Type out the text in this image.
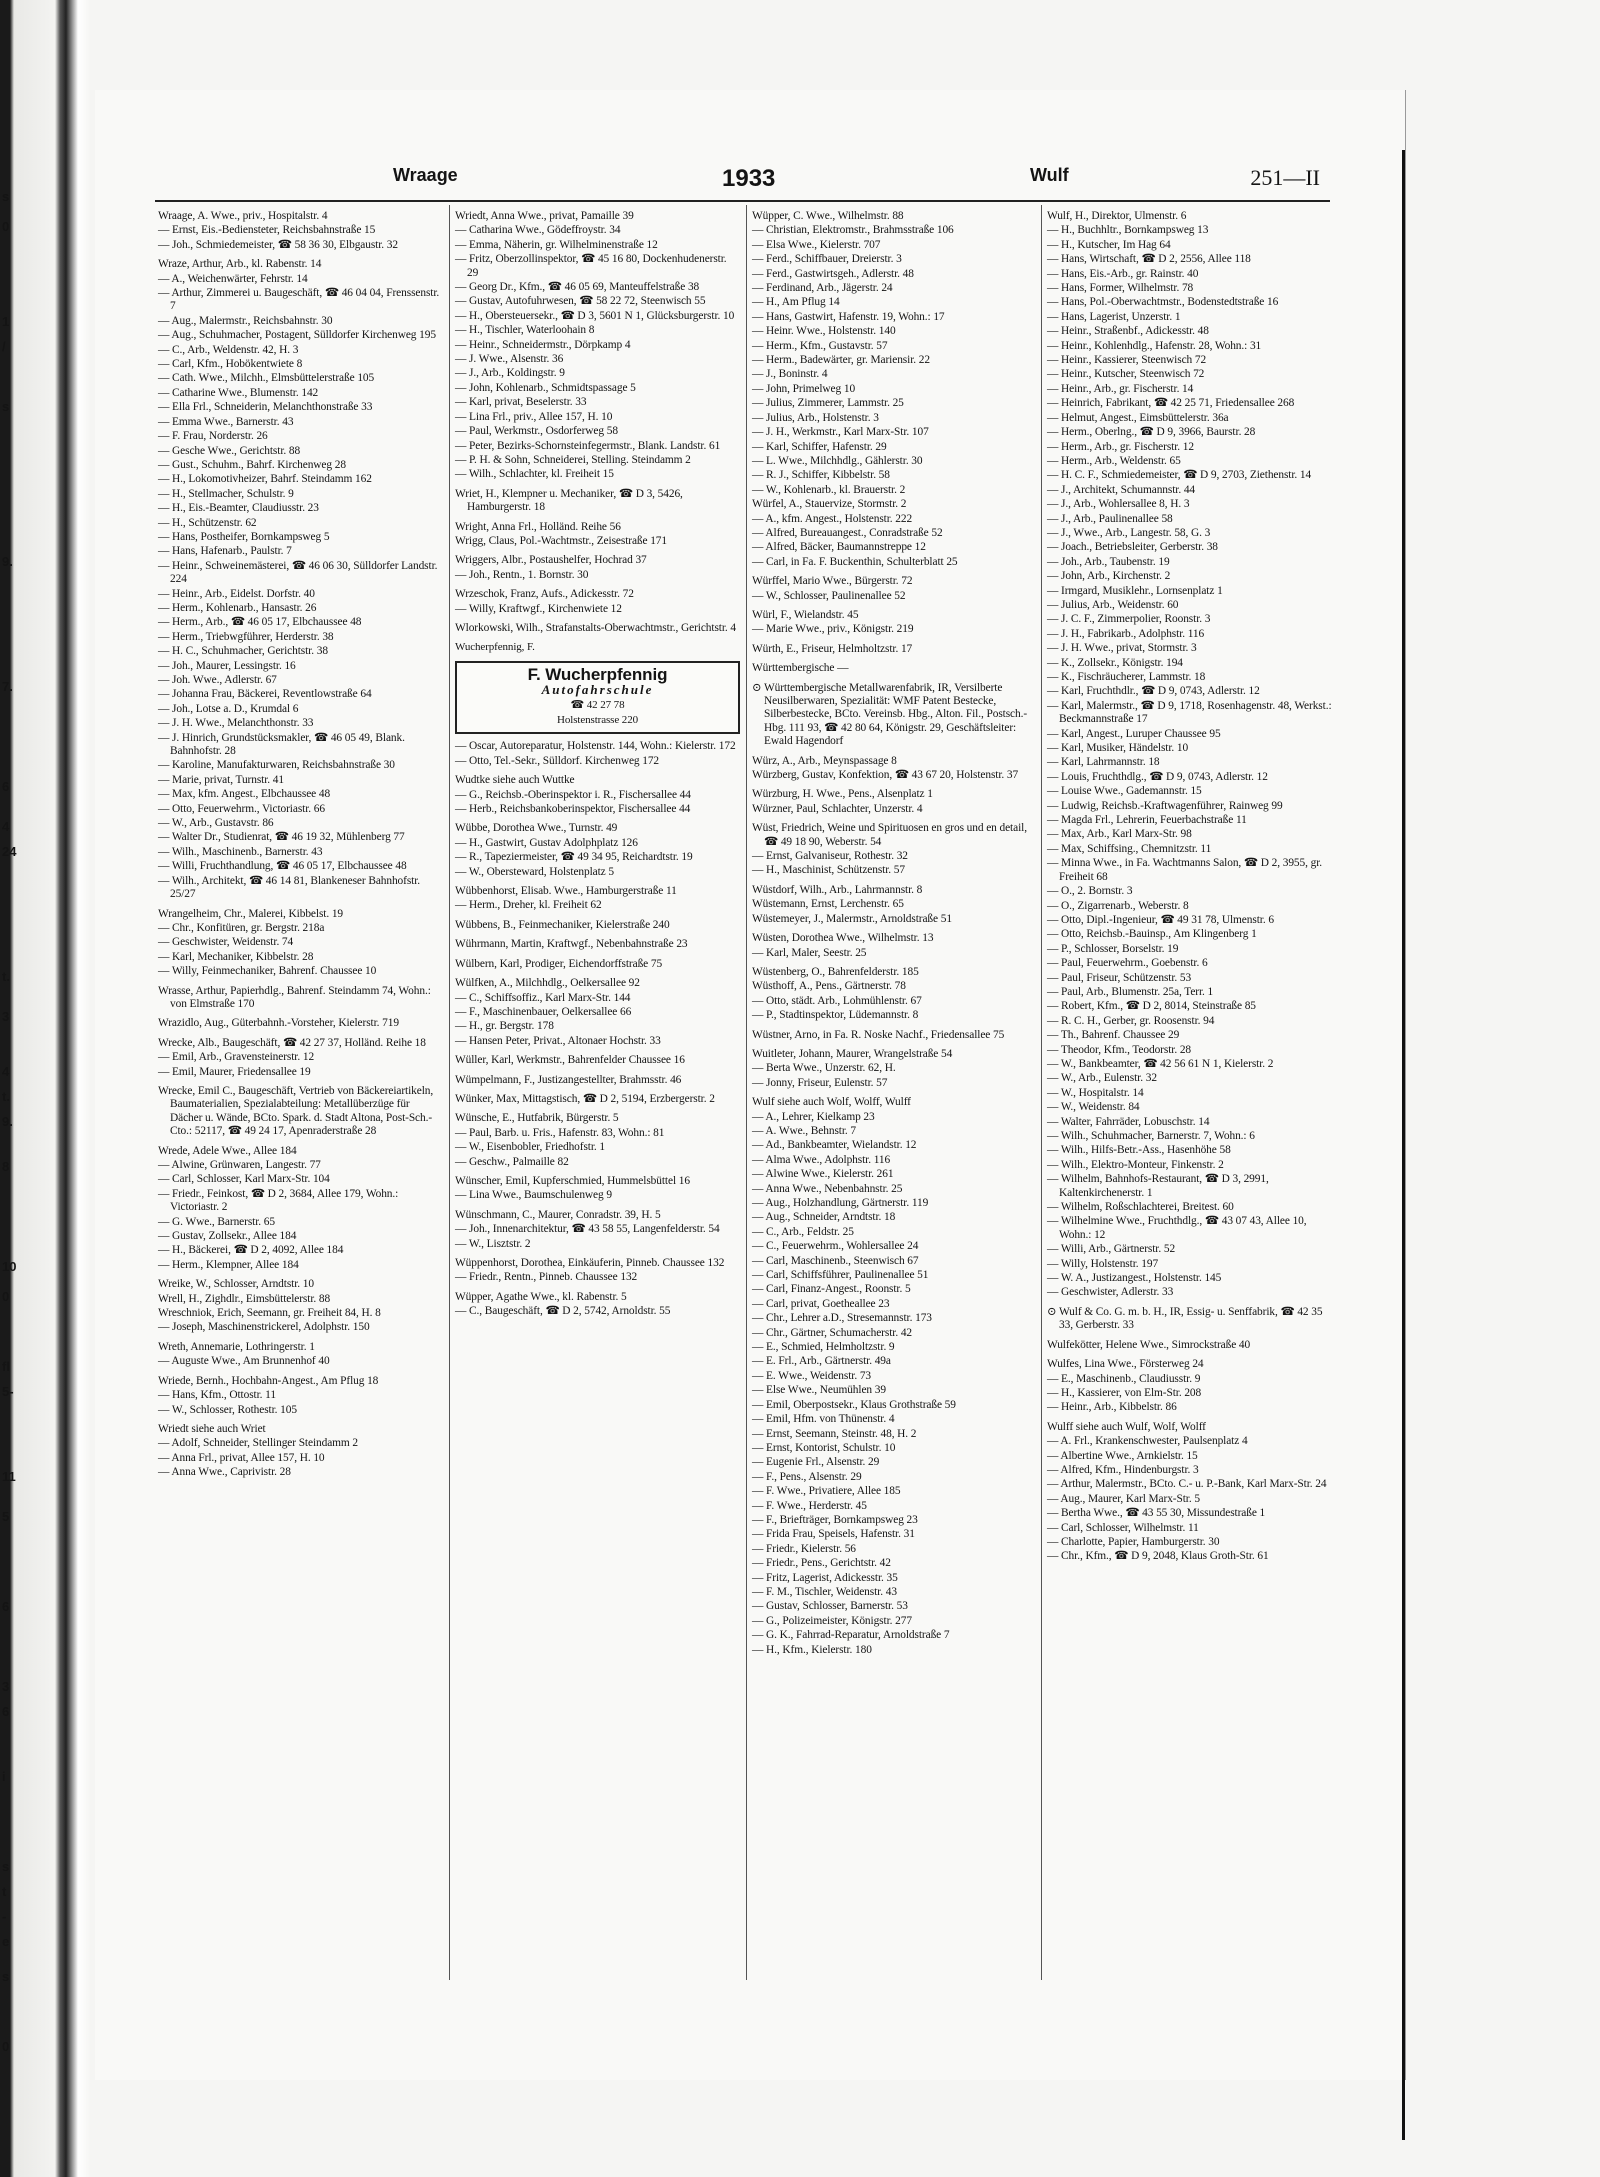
s
0
1
/
s
9.
7.
6
4
24
t.
3
4
t.
9.
8
10
0
fl
5-
11
5
6
3
6
i
s
t
-
e
s
0
Wraage	1933	Wulf	251—II
Wraage, A. Wwe., priv., Hospitalstr. 4
— Ernst, Eis.-Bediensteter, Reichsbahnstraße 15
— Joh., Schmiedemeister, ☎ 58 36 30, Elbgaustr. 32
Wraze, Arthur, Arb., kl. Rabenstr. 14
— A., Weichenwärter, Fehrstr. 14
— Arthur, Zimmerei u. Baugeschäft, ☎ 46 04 04, Frenssenstr. 7
— Aug., Malermstr., Reichsbahnstr. 30
— Aug., Schuhmacher, Postagent, Sülldorfer Kirchenweg 195
— C., Arb., Weldenstr. 42, H. 3
— Carl, Kfm., Hobökentwiete 8
— Cath. Wwe., Milchh., Elmsbüttelerstraße 105
— Catharine Wwe., Blumenstr. 142
— Ella Frl., Schneiderin, Melanchthonstraße 33
— Emma Wwe., Barnerstr. 43
— F. Frau, Norderstr. 26
— Gesche Wwe., Gerichtstr. 88
— Gust., Schuhm., Bahrf. Kirchenweg 28
— H., Lokomotivheizer, Bahrf. Steindamm 162
— H., Stellmacher, Schulstr. 9
— H., Eis.-Beamter, Claudiusstr. 23
— H., Schützenstr. 62
— Hans, Postheifer, Bornkampsweg 5
— Hans, Hafenarb., Paulstr. 7
— Heinr., Schweinemästerei, ☎ 46 06 30, Sülldorfer Landstr. 224
— Heinr., Arb., Eidelst. Dorfstr. 40
— Herm., Kohlenarb., Hansastr. 26
— Herm., Arb., ☎ 46 05 17, Elbchaussee 48
— Herm., Triebwgführer, Herderstr. 38
— H. C., Schuhmacher, Gerichtstr. 38
— Joh., Maurer, Lessingstr. 16
— Joh. Wwe., Adlerstr. 67
— Johanna Frau, Bäckerei, Reventlowstraße 64
— Joh., Lotse a. D., Krumdal 6
— J. H. Wwe., Melanchthonstr. 33
— J. Hinrich, Grundstücksmakler, ☎ 46 05 49, Blank. Bahnhofstr. 28
— Karoline, Manufakturwaren, Reichsbahnstraße 30
— Marie, privat, Turnstr. 41
— Max, kfm. Angest., Elbchaussee 48
— Otto, Feuerwehrm., Victoriastr. 66
— W., Arb., Gustavstr. 86
— Walter Dr., Studienrat, ☎ 46 19 32, Mühlenberg 77
— Wilh., Maschinenb., Barnerstr. 43
— Willi, Fruchthandlung, ☎ 46 05 17, Elbchaussee 48
— Wilh., Architekt, ☎ 46 14 81, Blankeneser Bahnhofstr. 25/27
Wrangelheim, Chr., Malerei, Kibbelst. 19
— Chr., Konfitüren, gr. Bergstr. 218a
— Geschwister, Weidenstr. 74
— Karl, Mechaniker, Kibbelstr. 28
— Willy, Feinmechaniker, Bahrenf. Chaussee 10
Wrasse, Arthur, Papierhdlg., Bahrenf. Steindamm 74, Wohn.: von Elmstraße 170
Wrazidlo, Aug., Güterbahnh.-Vorsteher, Kielerstr. 719
Wrecke, Alb., Baugeschäft, ☎ 42 27 37, Holländ. Reihe 18
— Emil, Arb., Gravensteinerstr. 12
— Emil, Maurer, Friedensallee 19
Wrecke, Emil C., Baugeschäft, Vertrieb von Bäckereiartikeln, Baumaterialien, Spezialabteilung: Metallüberzüge für Dächer u. Wände, BCto. Spark. d. Stadt Altona, Post-Sch.-Cto.: 52117, ☎ 49 24 17, Apenraderstraße 28
Wrede, Adele Wwe., Allee 184
— Alwine, Grünwaren, Langestr. 77
— Carl, Schlosser, Karl Marx-Str. 104
— Friedr., Feinkost, ☎ D 2, 3684, Allee 179, Wohn.: Victoriastr. 2
— G. Wwe., Barnerstr. 65
— Gustav, Zollsekr., Allee 184
— H., Bäckerei, ☎ D 2, 4092, Allee 184
— Herm., Klempner, Allee 184
Wreike, W., Schlosser, Arndtstr. 10
Wrell, H., Zighdlr., Eimsbüttelerstr. 88
Wreschniok, Erich, Seemann, gr. Freiheit 84, H. 8
— Joseph, Maschinenstrickerel, Adolphstr. 150
Wreth, Annemarie, Lothringerstr. 1
— Auguste Wwe., Am Brunnenhof 40
Wriede, Bernh., Hochbahn-Angest., Am Pflug 18
— Hans, Kfm., Ottostr. 11
— W., Schlosser, Rothestr. 105
Wriedt siehe auch Wriet
— Adolf, Schneider, Stellinger Steindamm 2
— Anna Frl., privat, Allee 157, H. 10
— Anna Wwe., Caprivistr. 28
Wriedt, Anna Wwe., privat, Pamaille 39
— Catharina Wwe., Gödeffroystr. 34
— Emma, Näherin, gr. Wilhelminenstraße 12
— Fritz, Oberzollinspektor, ☎ 45 16 80, Dockenhudenerstr. 29
— Georg Dr., Kfm., ☎ 46 05 69, Manteuffelstraße 38
— Gustav, Autofuhrwesen, ☎ 58 22 72, Steenwisch 55
— H., Obersteuersekr., ☎ D 3, 5601 N 1, Glücksburgerstr. 10
— H., Tischler, Waterloohain 8
— Heinr., Schneidermstr., Dörpkamp 4
— J. Wwe., Alsenstr. 36
— J., Arb., Koldingstr. 9
— John, Kohlenarb., Schmidtspassage 5
— Karl, privat, Beselerstr. 33
— Lina Frl., priv., Allee 157, H. 10
— Paul, Werkmstr., Osdorferweg 58
— Peter, Bezirks-Schornsteinfegermstr., Blank. Landstr. 61
— P. H. & Sohn, Schneiderei, Stelling. Steindamm 2
— Wilh., Schlachter, kl. Freiheit 15
Wriet, H., Klempner u. Mechaniker, ☎ D 3, 5426, Hamburgerstr. 18
Wright, Anna Frl., Holländ. Reihe 56
Wrigg, Claus, Pol.-Wachtmstr., Zeisestraße 171
Wriggers, Albr., Postaushelfer, Hochrad 37
— Joh., Rentn., 1. Bornstr. 30
Wrzeschok, Franz, Aufs., Adickesstr. 72
— Willy, Kraftwgf., Kirchenwiete 12
Wlorkowski, Wilh., Strafanstalts-Oberwachtmstr., Gerichtstr. 4
Wucherpfennig, F.
F. Wucherpfennig
Autofahrschule
☎ 42 27 78
Holstenstrasse 220
— Oscar, Autoreparatur, Holstenstr. 144, Wohn.: Kielerstr. 172
— Otto, Tel.-Sekr., Sülldorf. Kirchenweg 172
Wudtke siehe auch Wuttke
— G., Reichsb.-Oberinspektor i. R., Fischersallee 44
— Herb., Reichsbankoberinspektor, Fischersallee 44
Wübbe, Dorothea Wwe., Turnstr. 49
— H., Gastwirt, Gustav Adolphplatz 126
— R., Tapeziermeister, ☎ 49 34 95, Reichardtstr. 19
— W., Obersteward, Holstenplatz 5
Wübbenhorst, Elisab. Wwe., Hamburgerstraße 11
— Herm., Dreher, kl. Freiheit 62
Wübbens, B., Feinmechaniker, Kielerstraße 240
Wührmann, Martin, Kraftwgf., Nebenbahnstraße 23
Wülbern, Karl, Prodiger, Eichendorffstraße 75
Wülfken, A., Milchhdlg., Oelkersallee 92
— C., Schiffsoffiz., Karl Marx-Str. 144
— F., Maschinenbauer, Oelkersallee 66
— H., gr. Bergstr. 178
— Hansen Peter, Privat., Altonaer Hochstr. 33
Wüller, Karl, Werkmstr., Bahrenfelder Chaussee 16
Wümpelmann, F., Justizangestellter, Brahmsstr. 46
Wünker, Max, Mittagstisch, ☎ D 2, 5194, Erzbergerstr. 2
Wünsche, E., Hutfabrik, Bürgerstr. 5
— Paul, Barb. u. Fris., Hafenstr. 83, Wohn.: 81
— W., Eisenbobler, Friedhofstr. 1
— Geschw., Palmaille 82
Wünscher, Emil, Kupferschmied, Hummelsbüttel 16
— Lina Wwe., Baumschulenweg 9
Wünschmann, C., Maurer, Conradstr. 39, H. 5
— Joh., Innenarchitektur, ☎ 43 58 55, Langenfelderstr. 54
— W., Lisztstr. 2
Wüppenhorst, Dorothea, Einkäuferin, Pinneb. Chaussee 132
— Friedr., Rentn., Pinneb. Chaussee 132
Wüpper, Agathe Wwe., kl. Rabenstr. 5
— C., Baugeschäft, ☎ D 2, 5742, Arnoldstr. 55
Wüpper, C. Wwe., Wilhelmstr. 88
— Christian, Elektromstr., Brahmsstraße 106
— Elsa Wwe., Kielerstr. 707
— Ferd., Schiffbauer, Dreierstr. 3
— Ferd., Gastwirtsgeh., Adlerstr. 48
— Ferdinand, Arb., Jägerstr. 24
— H., Am Pflug 14
— Hans, Gastwirt, Hafenstr. 19, Wohn.: 17
— Heinr. Wwe., Holstenstr. 140
— Herm., Kfm., Gustavstr. 57
— Herm., Badewärter, gr. Mariensir. 22
— J., Boninstr. 4
— John, Primelweg 10
— Julius, Zimmerer, Lammstr. 25
— Julius, Arb., Holstenstr. 3
— J. H., Werkmstr., Karl Marx-Str. 107
— Karl, Schiffer, Hafenstr. 29
— L. Wwe., Milchhdlg., Gählerstr. 30
— R. J., Schiffer, Kibbelstr. 58
— W., Kohlenarb., kl. Brauerstr. 2
Würfel, A., Stauervize, Stormstr. 2
— A., kfm. Angest., Holstenstr. 222
— Alfred, Bureauangest., Conradstraße 52
— Alfred, Bäcker, Baumannstreppe 12
— Carl, in Fa. F. Buckenthin, Schulterblatt 25
Würffel, Mario Wwe., Bürgerstr. 72
— W., Schlosser, Paulinenallee 52
Würl, F., Wielandstr. 45
— Marie Wwe., priv., Königstr. 219
Würth, E., Friseur, Helmholtzstr. 17
Württembergische —
⊙ Württembergische Metallwarenfabrik, IR, Versilberte Neusilberwaren, Spezialität: WMF Patent Bestecke, Silberbestecke, BCto. Vereinsb. Hbg., Alton. Fil., Postsch.-Hbg. 111 93, ☎ 42 80 64, Königstr. 29, Geschäftsleiter: Ewald Hagendorf
Würz, A., Arb., Meynspassage 8
Würzberg, Gustav, Konfektion, ☎ 43 67 20, Holstenstr. 37
Würzburg, H. Wwe., Pens., Alsenplatz 1
Würzner, Paul, Schlachter, Unzerstr. 4
Wüst, Friedrich, Weine und Spirituosen en gros und en detail, ☎ 49 18 90, Weberstr. 54
— Ernst, Galvaniseur, Rothestr. 32
— H., Maschinist, Schützenstr. 57
Wüstdorf, Wilh., Arb., Lahrmannstr. 8
Wüstemann, Ernst, Lerchenstr. 65
Wüstemeyer, J., Malermstr., Arnoldstraße 51
Wüsten, Dorothea Wwe., Wilhelmstr. 13
— Karl, Maler, Seestr. 25
Wüstenberg, O., Bahrenfelderstr. 185
Wüsthoff, A., Pens., Gärtnerstr. 78
— Otto, städt. Arb., Lohmühlenstr. 67
— P., Stadtinspektor, Lüdemannstr. 8
Wüstner, Arno, in Fa. R. Noske Nachf., Friedensallee 75
Wuitleter, Johann, Maurer, Wrangelstraße 54
— Berta Wwe., Unzerstr. 62, H.
— Jonny, Friseur, Eulenstr. 57
Wulf siehe auch Wolf, Wolff, Wulff
— A., Lehrer, Kielkamp 23
— A. Wwe., Behnstr. 7
— Ad., Bankbeamter, Wielandstr. 12
— Alma Wwe., Adolphstr. 116
— Alwine Wwe., Kielerstr. 261
— Anna Wwe., Nebenbahnstr. 25
— Aug., Holzhandlung, Gärtnerstr. 119
— Aug., Schneider, Arndtstr. 18
— C., Arb., Feldstr. 25
— C., Feuerwehrm., Wohlersallee 24
— Carl, Maschinenb., Steenwisch 67
— Carl, Schiffsführer, Paulinenallee 51
— Carl, Finanz-Angest., Roonstr. 5
— Carl, privat, Goetheallee 23
— Chr., Lehrer a.D., Stresemannstr. 173
— Chr., Gärtner, Schumacherstr. 42
— E., Schmied, Helmholtzstr. 9
— E. Frl., Arb., Gärtnerstr. 49a
— E. Wwe., Weidenstr. 73
— Else Wwe., Neumühlen 39
— Emil, Oberpostsekr., Klaus Grothstraße 59
— Emil, Hfm. von Thünenstr. 4
— Ernst, Seemann, Steinstr. 48, H. 2
— Ernst, Kontorist, Schulstr. 10
— Eugenie Frl., Alsenstr. 29
— F., Pens., Alsenstr. 29
— F. Wwe., Privatiere, Allee 185
— F. Wwe., Herderstr. 45
— F., Briefträger, Bornkampsweg 23
— Frida Frau, Speisels, Hafenstr. 31
— Friedr., Kielerstr. 56
— Friedr., Pens., Gerichtstr. 42
— Fritz, Lagerist, Adickesstr. 35
— F. M., Tischler, Weidenstr. 43
— Gustav, Schlosser, Barnerstr. 53
— G., Polizeimeister, Königstr. 277
— G. K., Fahrrad-Reparatur, Arnoldstraße 7
— H., Kfm., Kielerstr. 180
Wulf, H., Direktor, Ulmenstr. 6
— H., Buchhltr., Bornkampsweg 13
— H., Kutscher, Im Hag 64
— Hans, Wirtschaft, ☎ D 2, 2556, Allee 118
— Hans, Eis.-Arb., gr. Rainstr. 40
— Hans, Former, Wilhelmstr. 78
— Hans, Pol.-Oberwachtmstr., Bodenstedtstraße 16
— Hans, Lagerist, Unzerstr. 1
— Heinr., Straßenbf., Adickesstr. 48
— Heinr., Kohlenhdlg., Hafenstr. 28, Wohn.: 31
— Heinr., Kassierer, Steenwisch 72
— Heinr., Kutscher, Steenwisch 72
— Heinr., Arb., gr. Fischerstr. 14
— Heinrich, Fabrikant, ☎ 42 25 71, Friedensallee 268
— Helmut, Angest., Eimsbüttelerstr. 36a
— Herm., Oberlng., ☎ D 9, 3966, Baurstr. 28
— Herm., Arb., gr. Fischerstr. 12
— Herm., Arb., Weldenstr. 65
— H. C. F., Schmiedemeister, ☎ D 9, 2703, Ziethenstr. 14
— J., Architekt, Schumannstr. 44
— J., Arb., Wohlersallee 8, H. 3
— J., Arb., Paulinenallee 58
— J., Wwe., Arb., Langestr. 58, G. 3
— Joach., Betriebsleiter, Gerberstr. 38
— Joh., Arb., Taubenstr. 19
— John, Arb., Kirchenstr. 2
— Irmgard, Musiklehr., Lornsenplatz 1
— Julius, Arb., Weidenstr. 60
— J. C. F., Zimmerpolier, Roonstr. 3
— J. H., Fabrikarb., Adolphstr. 116
— J. H. Wwe., privat, Stormstr. 3
— K., Zollsekr., Königstr. 194
— K., Fischräucherer, Lammstr. 18
— Karl, Fruchthdlr., ☎ D 9, 0743, Adlerstr. 12
— Karl, Malermstr., ☎ D 9, 1718, Rosenhagenstr. 48, Werkst.: Beckmannstraße 17
— Karl, Angest., Luruper Chaussee 95
— Karl, Musiker, Händelstr. 10
— Karl, Lahrmannstr. 18
— Louis, Fruchthdlg., ☎ D 9, 0743, Adlerstr. 12
— Louise Wwe., Gademannstr. 15
— Ludwig, Reichsb.-Kraftwagenführer, Rainweg 99
— Magda Frl., Lehrerin, Feuerbachstraße 11
— Max, Arb., Karl Marx-Str. 98
— Max, Schiffsing., Chemnitzstr. 11
— Minna Wwe., in Fa. Wachtmanns Salon, ☎ D 2, 3955, gr. Freiheit 68
— O., 2. Bornstr. 3
— O., Zigarrenarb., Weberstr. 8
— Otto, Dipl.-Ingenieur, ☎ 49 31 78, Ulmenstr. 6
— Otto, Reichsb.-Bauinsp., Am Klingenberg 1
— P., Schlosser, Borselstr. 19
— Paul, Feuerwehrm., Goebenstr. 6
— Paul, Friseur, Schützenstr. 53
— Paul, Arb., Blumenstr. 25a, Terr. 1
— Robert, Kfm., ☎ D 2, 8014, Steinstraße 85
— R. C. H., Gerber, gr. Roosenstr. 94
— Th., Bahrenf. Chaussee 29
— Theodor, Kfm., Teodorstr. 28
— W., Bankbeamter, ☎ 42 56 61 N 1, Kielerstr. 2
— W., Arb., Eulenstr. 32
— W., Hospitalstr. 14
— W., Weidenstr. 84
— Walter, Fahrräder, Lobuschstr. 14
— Wilh., Schuhmacher, Barnerstr. 7, Wohn.: 6
— Wilh., Hilfs-Betr.-Ass., Hasenhöhe 58
— Wilh., Elektro-Monteur, Finkenstr. 2
— Wilhelm, Bahnhofs-Restaurant, ☎ D 3, 2991, Kaltenkirchenerstr. 1
— Wilhelm, Roßschlachterei, Breitest. 60
— Wilhelmine Wwe., Fruchthdlg., ☎ 43 07 43, Allee 10, Wohn.: 12
— Willi, Arb., Gärtnerstr. 52
— Willy, Holstenstr. 197
— W. A., Justizangest., Holstenstr. 145
— Geschwister, Adlerstr. 33
⊙ Wulf & Co. G. m. b. H., IR, Essig- u. Senffabrik, ☎ 42 35 33, Gerberstr. 33
Wulfekötter, Helene Wwe., Simrockstraße 40
Wulfes, Lina Wwe., Försterweg 24
— E., Maschinenb., Claudiusstr. 9
— H., Kassierer, von Elm-Str. 208
— Heinr., Arb., Kibbelstr. 86
Wulff siehe auch Wulf, Wolf, Wolff
— A. Frl., Krankenschwester, Paulsenplatz 4
— Albertine Wwe., Arnkielstr. 15
— Alfred, Kfm., Hindenburgstr. 3
— Arthur, Malermstr., BCto. C.- u. P.-Bank, Karl Marx-Str. 24
— Aug., Maurer, Karl Marx-Str. 5
— Bertha Wwe., ☎ 43 55 30, Missundestraße 1
— Carl, Schlosser, Wilhelmstr. 11
— Charlotte, Papier, Hamburgerstr. 30
— Chr., Kfm., ☎ D 9, 2048, Klaus Groth-Str. 61
